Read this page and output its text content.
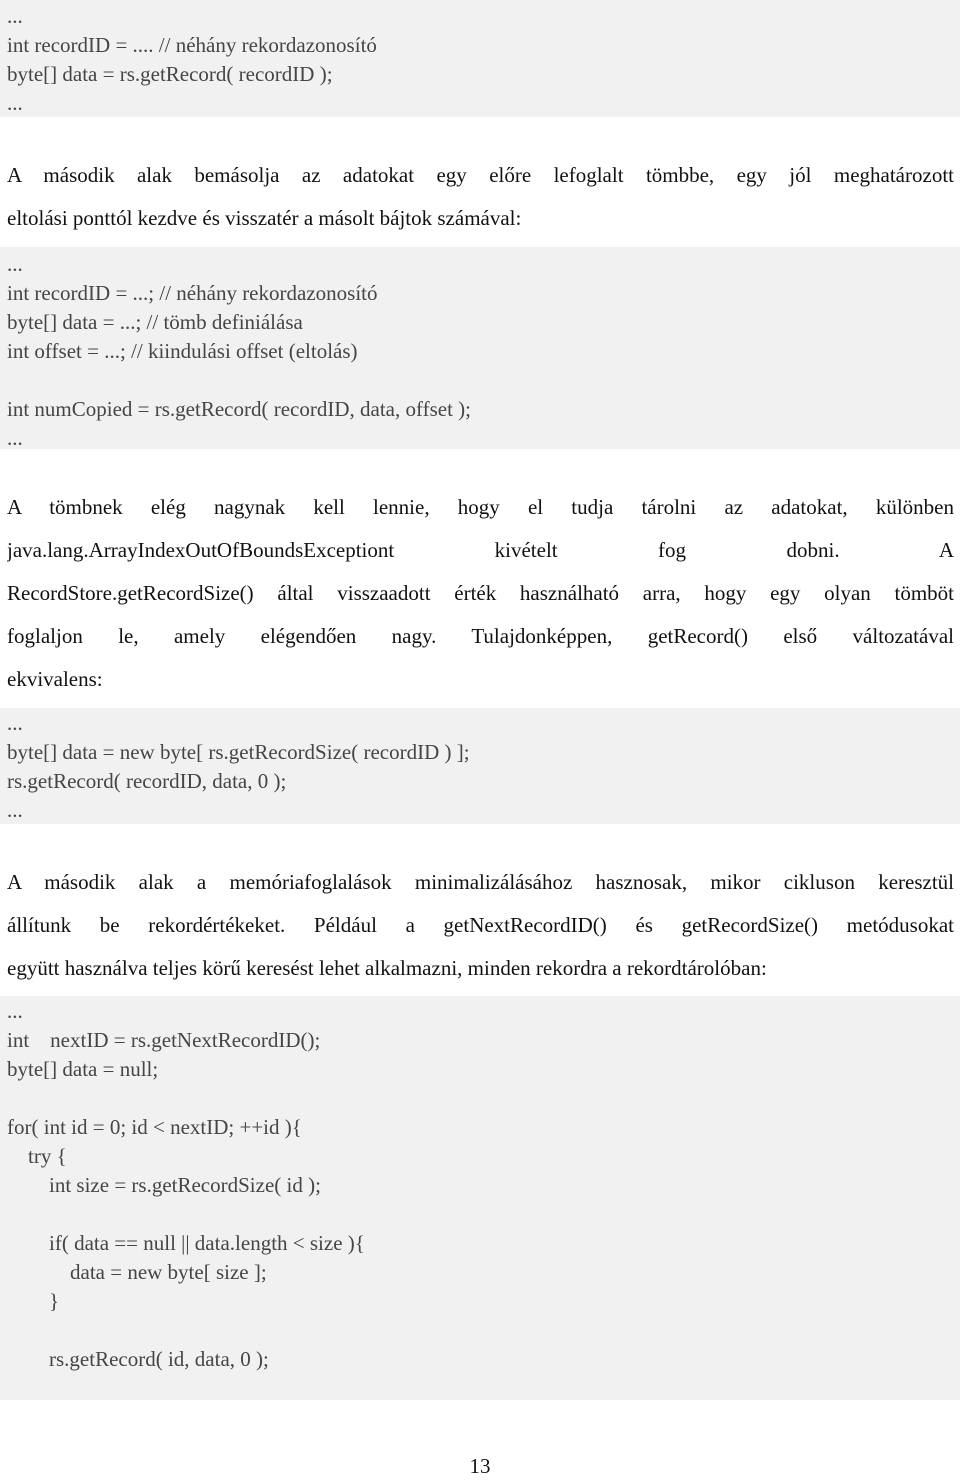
...
int recordID = .... // néhány rekordazonosító
byte[] data = rs.getRecord( recordID );
...
A második alak bemásolja az adatokat egy előre lefoglalt tömbbe, egy jól meghatározott
eltolási ponttól kezdve és visszatér a másolt bájtok számával:
...
int recordID = ...; // néhány rekordazonosító
byte[] data = ...; // tömb definiálása
int offset = ...; // kiindulási offset (eltolás)
int numCopied = rs.getRecord( recordID, data, offset );
...
A tömbnek elég nagynak kell lennie, hogy el tudja tárolni az adatokat, különben
java.lang.ArrayIndexOutOfBoundsExceptiont kivételt fog dobni. A
RecordStore.getRecordSize() által visszaadott érték használható arra, hogy egy olyan tömböt
foglaljon le, amely elégendően nagy. Tulajdonképpen, getRecord() első változatával
ekvivalens:
...
byte[] data = new byte[ rs.getRecordSize( recordID ) ];
rs.getRecord( recordID, data, 0 );
...
A második alak a memóriafoglalások minimalizálásához hasznosak, mikor cikluson keresztül
állítunk be rekordértékeket. Például a getNextRecordID() és getRecordSize() metódusokat
együtt használva teljes körű keresést lehet alkalmazni, minden rekordra a rekordtárolóban:
...
int    nextID = rs.getNextRecordID();
byte[] data = null;
for( int id = 0; id < nextID; ++id ){
try {
int size = rs.getRecordSize( id );
if( data == null || data.length < size ){
data = new byte[ size ];
}
rs.getRecord( id, data, 0 );
13
